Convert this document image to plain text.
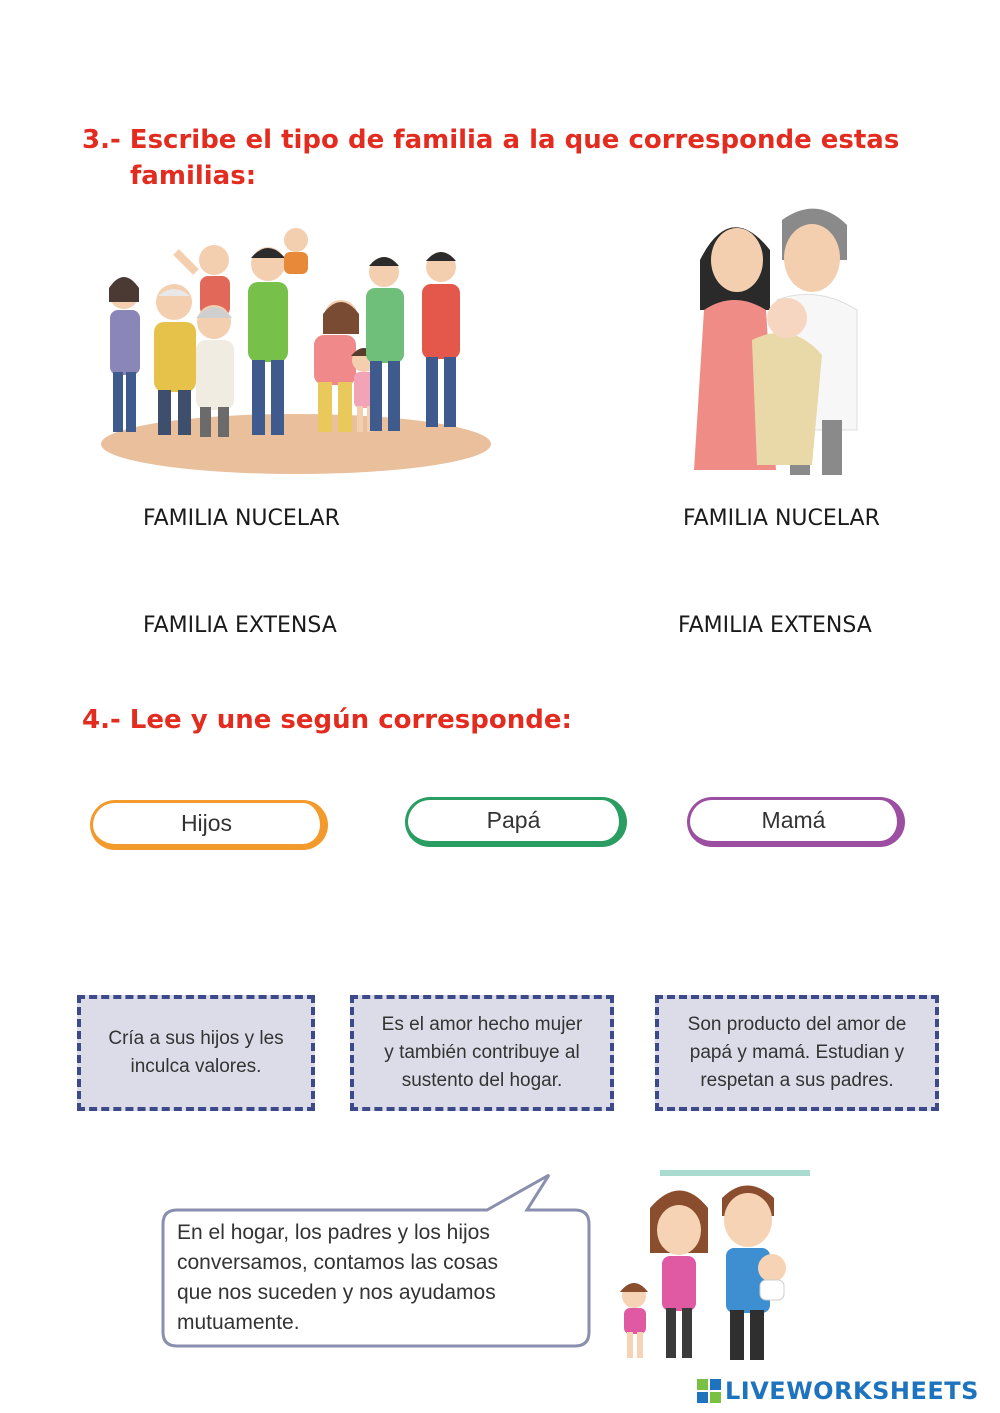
3.- Escribe el tipo de familia a la que corresponde estas
familias:

FAMILIA NUCELAR

FAMILIA EXTENSA

FAMILIA NUCELAR

FAMILIA EXTENSA

4.- Lee y une según corresponde:
Hijos	Papá	Mamá
Cría a sus hijos y les
inculca valores.
Es el amor hecho mujer
y también contribuye al
sustento del hogar.
Son producto del amor de
papá y mamá. Estudian y
respetan a sus padres.

En el hogar, los padres y los hijos
conversamos, contamos las cosas
que nos suceden y nos ayudamos
mutuamente.

LIVEWORKSHEETS
